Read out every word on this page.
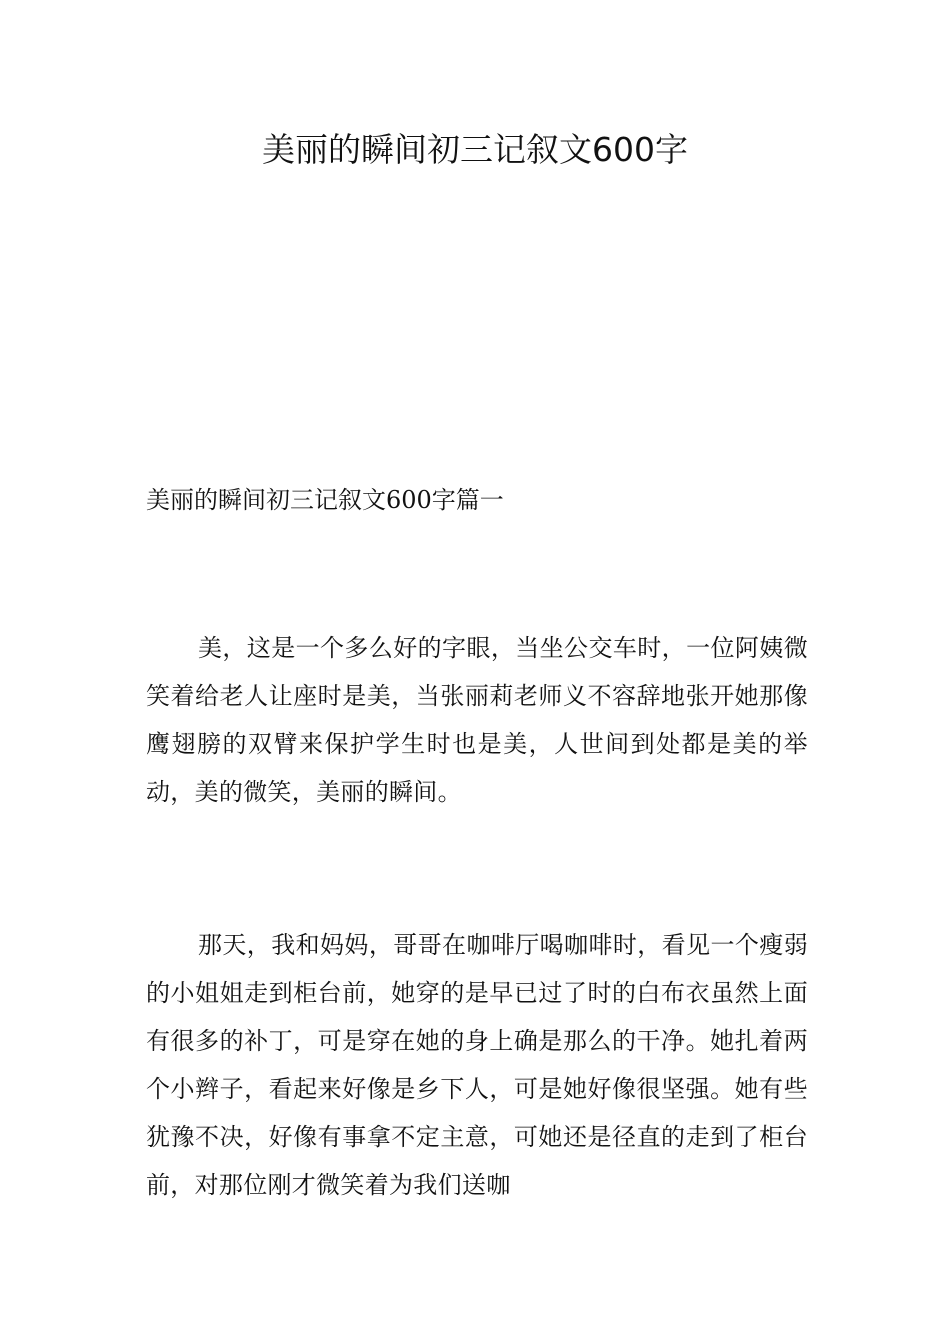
美丽的瞬间初三记叙文600字
美丽的瞬间初三记叙文600字篇一

美，这是一个多么好的字眼，当坐公交车时，一位阿姨微笑着给老人让座时是美，当张丽莉老师义不容辞地张开她那像鹰翅膀的双臂来保护学生时也是美，人世间到处都是美的举动，美的微笑，美丽的瞬间。

那天，我和妈妈，哥哥在咖啡厅喝咖啡时，看见一个瘦弱的小姐姐走到柜台前，她穿的是早已过了时的白布衣虽然上面有很多的补丁，可是穿在她的身上确是那么的干净。她扎着两个小辫子，看起来好像是乡下人，可是她好像很坚强。她有些犹豫不决，好像有事拿不定主意，可她还是径直的走到了柜台前，对那位刚才微笑着为我们送咖
